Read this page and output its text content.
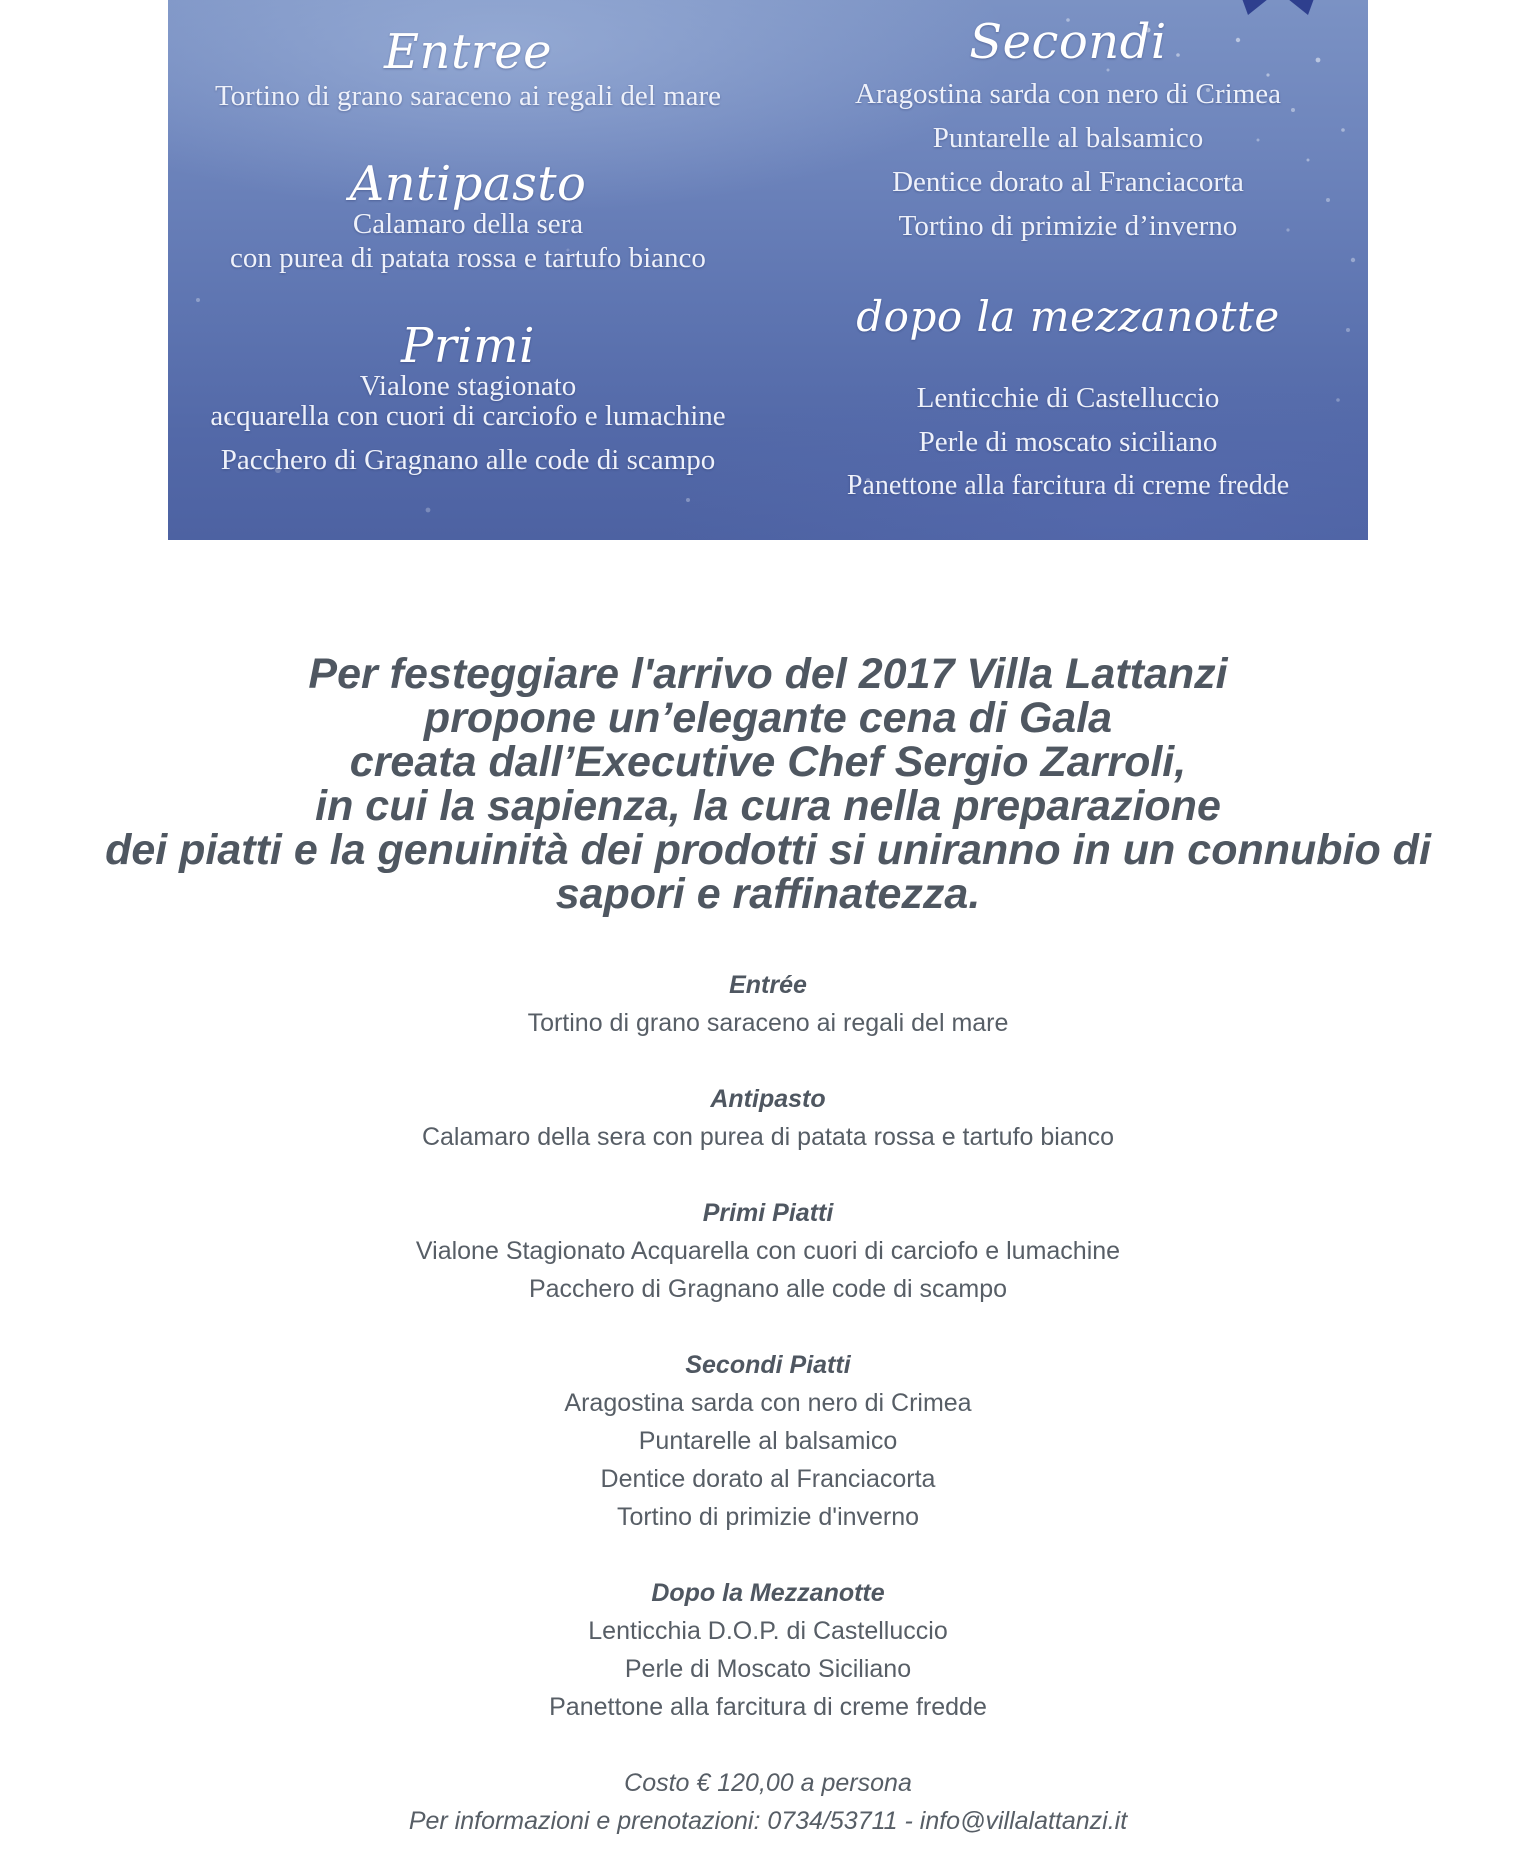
Entree
Tortino di grano saraceno ai regali del mare
Antipasto
Calamaro della sera
con purea di patata rossa e tartufo bianco
Primi
Vialone stagionato
acquarella con cuori di carciofo e lumachine
Pacchero di Gragnano alle code di scampo
Secondi
Aragostina sarda con nero di Crimea
Puntarelle al balsamico
Dentice dorato al Franciacorta
Tortino di primizie d’inverno
dopo la mezzanotte
Lenticchie di Castelluccio
Perle di moscato siciliano
Panettone alla farcitura di creme fredde
Per festeggiare l'arrivo del 2017 Villa Lattanzi
propone un’elegante cena di Gala
creata dall’Executive Chef Sergio Zarroli,
in cui la sapienza, la cura nella preparazione
dei piatti e la genuinità dei prodotti si uniranno in un connubio di
sapori e raffinatezza.
Entrée
Tortino di grano saraceno ai regali del mare
Antipasto
Calamaro della sera con purea di patata rossa e tartufo bianco
Primi Piatti
Vialone Stagionato Acquarella con cuori di carciofo e lumachine
Pacchero di Gragnano alle code di scampo
Secondi Piatti
Aragostina sarda con nero di Crimea
Puntarelle al balsamico
Dentice dorato al Franciacorta
Tortino di primizie d'inverno
Dopo la Mezzanotte
Lenticchia D.O.P. di Castelluccio
Perle di Moscato Siciliano
Panettone alla farcitura di creme fredde
Costo € 120,00 a persona
Per informazioni e prenotazioni: 0734/53711 - info@villalattanzi.it
